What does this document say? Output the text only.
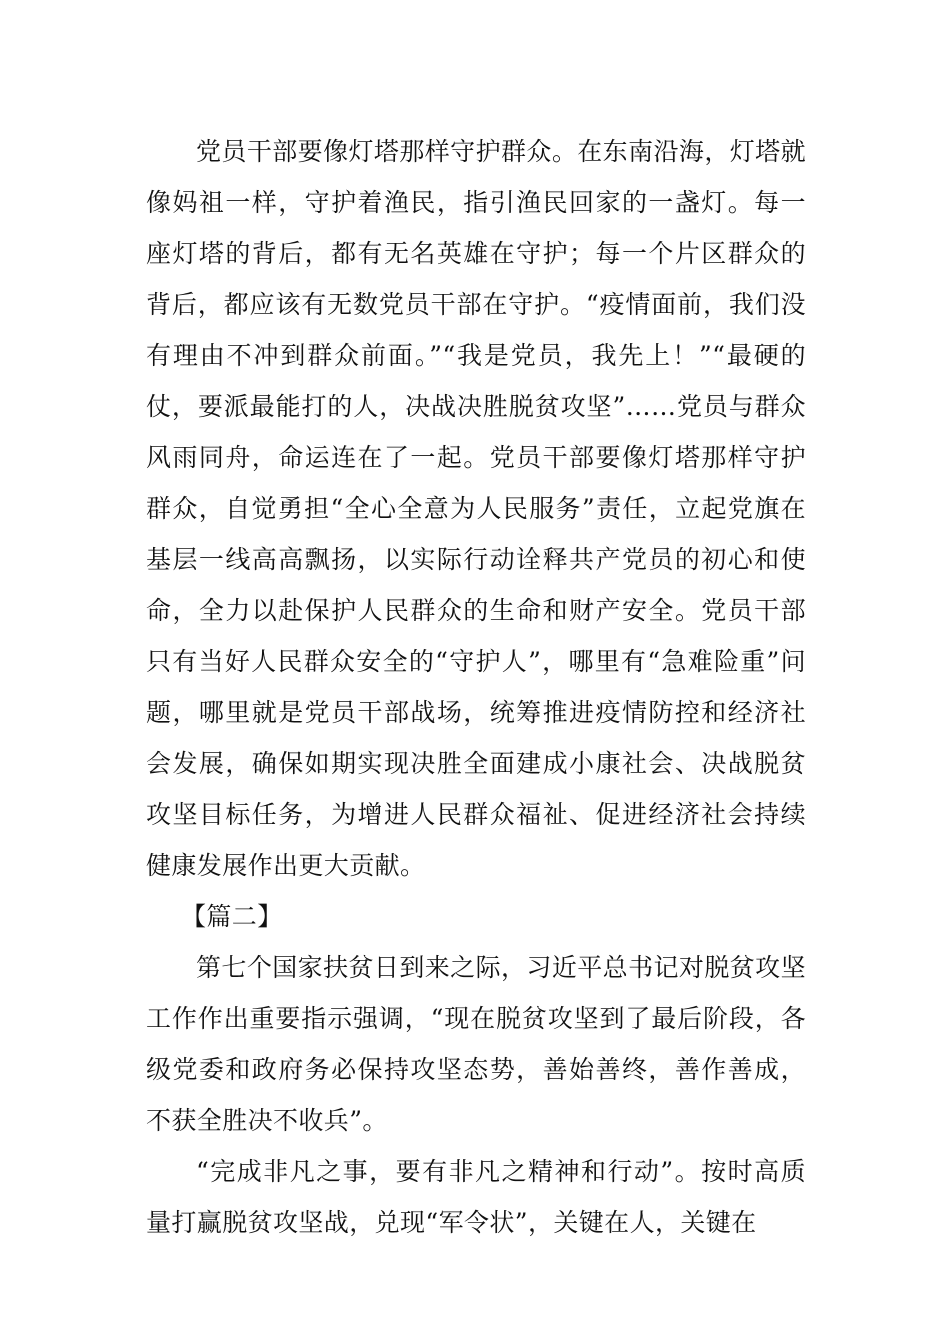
党员干部要像灯塔那样守护群众。在东南沿海，灯塔就像妈祖一样，守护着渔民，指引渔民回家的一盏灯。每一座灯塔的背后，都有无名英雄在守护；每一个片区群众的背后，都应该有无数党员干部在守护。“疫情面前，我们没有理由不冲到群众前面。”“我是党员，我先上！”“最硬的仗，要派最能打的人，决战决胜脱贫攻坚”……党员与群众风雨同舟，命运连在了一起。党员干部要像灯塔那样守护群众，自觉勇担“全心全意为人民服务”责任，立起党旗在基层一线高高飘扬，以实际行动诠释共产党员的初心和使命，全力以赴保护人民群众的生命和财产安全。党员干部只有当好人民群众安全的“守护人”，哪里有“急难险重”问题，哪里就是党员干部战场，统筹推进疫情防控和经济社会发展，确保如期实现决胜全面建成小康社会、决战脱贫攻坚目标任务，为增进人民群众福祉、促进经济社会持续健康发展作出更大贡献。

【篇二】

第七个国家扶贫日到来之际，习近平总书记对脱贫攻坚工作作出重要指示强调，“现在脱贫攻坚到了最后阶段，各级党委和政府务必保持攻坚态势，善始善终，善作善成，不获全胜决不收兵”。

“完成非凡之事，要有非凡之精神和行动”。按时高质量打赢脱贫攻坚战，兑现“军令状”，关键在人，关键在
